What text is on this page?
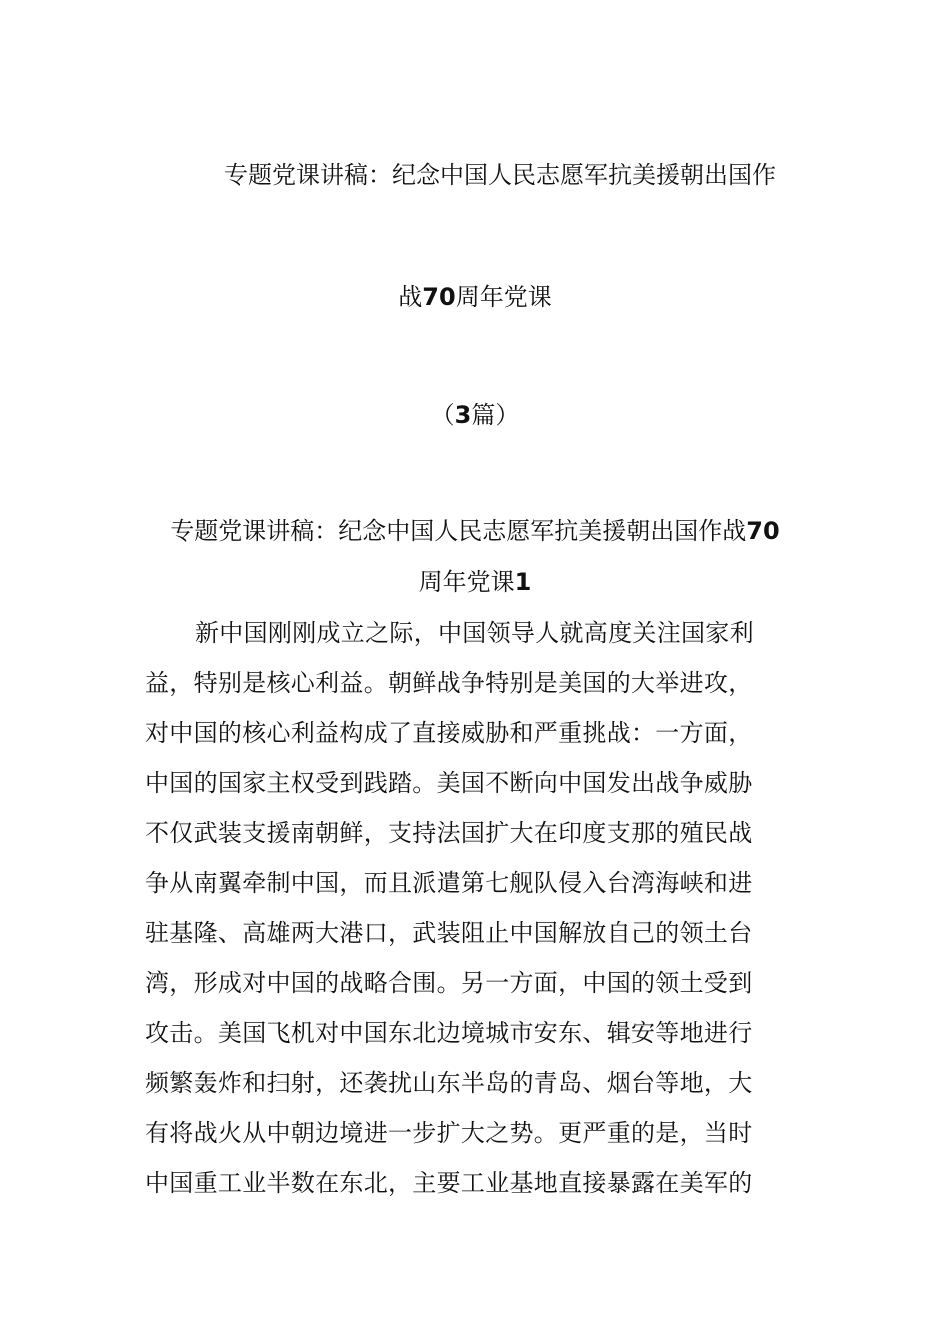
专题党课讲稿：纪念中国人民志愿军抗美援朝出国作
战70周年党课
（3篇）
专题党课讲稿：纪念中国人民志愿军抗美援朝出国作战70
周年党课1
新中国刚刚成立之际，中国领导人就高度关注国家利
益，特别是核心利益。朝鲜战争特别是美国的大举进攻，
对中国的核心利益构成了直接威胁和严重挑战：一方面，
中国的国家主权受到践踏。美国不断向中国发出战争威胁
不仅武装支援南朝鲜，支持法国扩大在印度支那的殖民战
争从南翼牵制中国，而且派遣第七舰队侵入台湾海峡和进
驻基隆、高雄两大港口，武装阻止中国解放自己的领土台
湾，形成对中国的战略合围。另一方面，中国的领土受到
攻击。美国飞机对中国东北边境城市安东、辑安等地进行
频繁轰炸和扫射，还袭扰山东半岛的青岛、烟台等地，大
有将战火从中朝边境进一步扩大之势。更严重的是，当时
中国重工业半数在东北，主要工业基地直接暴露在美军的
